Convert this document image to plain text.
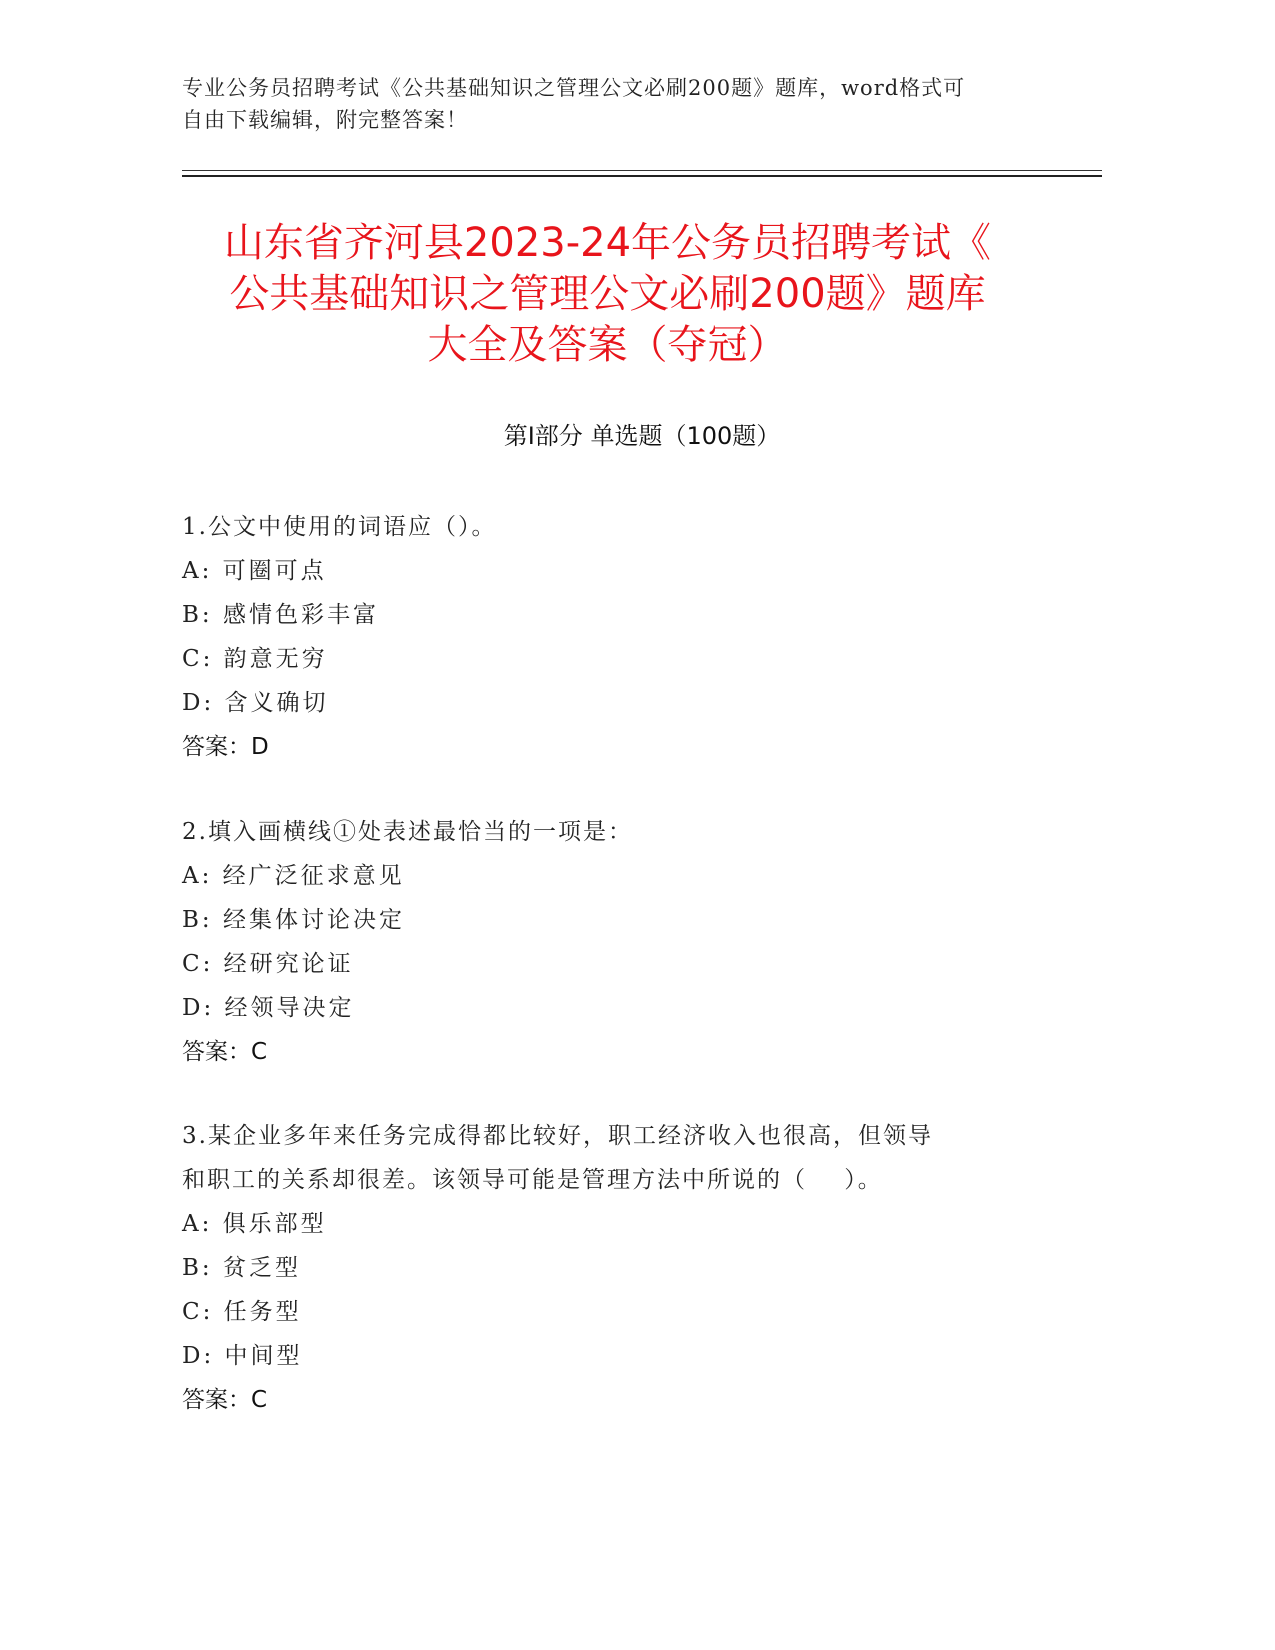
专业公务员招聘考试《公共基础知识之管理公文必刷200题》题库，word格式可
自由下载编辑，附完整答案！
山东省齐河县2023-24年公务员招聘考试《
公共基础知识之管理公文必刷200题》题库
大全及答案（夺冠）
第Ⅰ部分 单选题（100题）
1.公文中使用的词语应（）。
A: 可圈可点
B: 感情色彩丰富
C: 韵意无穷
D: 含义确切
答案：D
2.填入画横线①处表述最恰当的一项是：
A: 经广泛征求意见
B: 经集体讨论决定
C: 经研究论证
D: 经领导决定
答案：C
3.某企业多年来任务完成得都比较好，职工经济收入也很高，但领导
和职工的关系却很差。该领导可能是管理方法中所说的（    ）。
A: 俱乐部型
B: 贫乏型
C: 任务型
D: 中间型
答案：C
